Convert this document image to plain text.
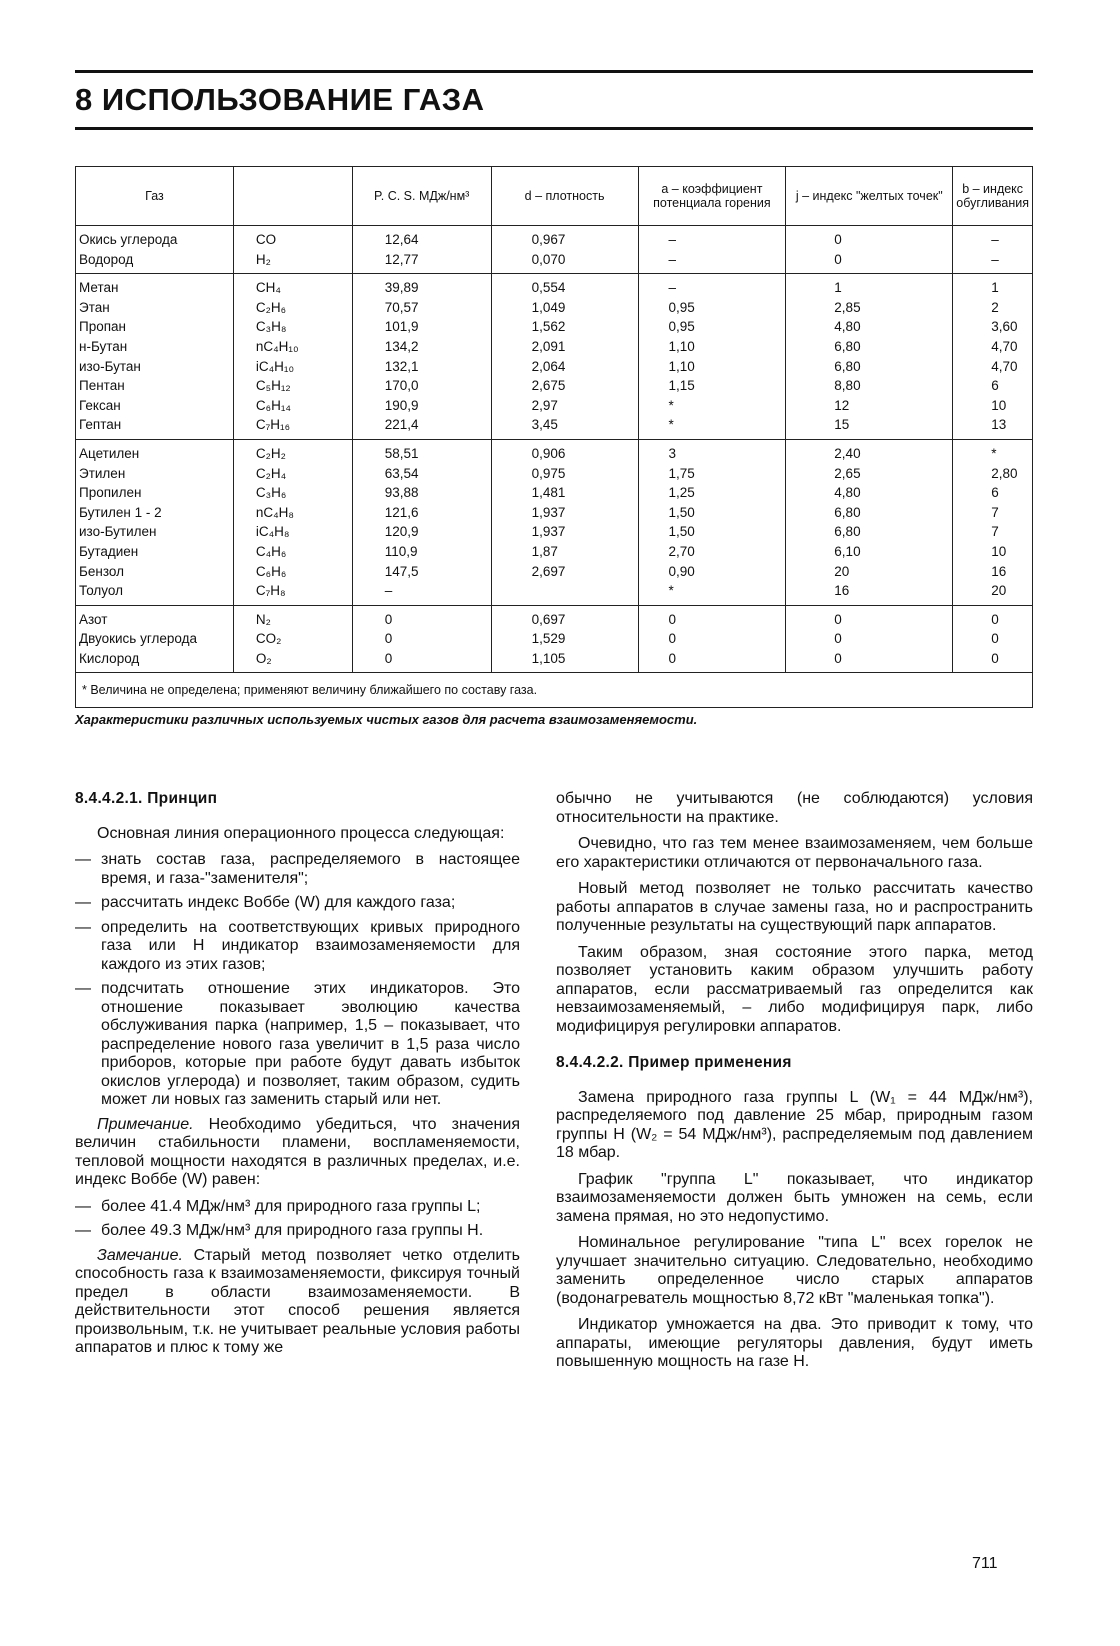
8 ИСПОЛЬЗОВАНИЕ ГАЗА
Газ		P. C. S. МДж/нм³	d – плотность	a – коэффициент потенциала горения	j – индекс "желтых точек"	b – индекс обугливания
Окись углерода	CO	12,64	0,967	–	0	–
Водород	H₂	12,77	0,070	–	0	–
Метан	CH₄	39,89	0,554	–	1	1
Этан	C₂H₆	70,57	1,049	0,95	2,85	2
Пропан	C₃H₈	101,9	1,562	0,95	4,80	3,60
н-Бутан	nC₄H₁₀	134,2	2,091	1,10	6,80	4,70
изо-Бутан	iC₄H₁₀	132,1	2,064	1,10	6,80	4,70
Пентан	C₅H₁₂	170,0	2,675	1,15	8,80	6
Гексан	C₆H₁₄	190,9	2,97	*	12	10
Гептан	C₇H₁₆	221,4	3,45	*	15	13
Ацетилен	C₂H₂	58,51	0,906	3	2,40	*
Этилен	C₂H₄	63,54	0,975	1,75	2,65	2,80
Пропилен	C₃H₆	93,88	1,481	1,25	4,80	6
Бутилен 1 - 2	nC₄H₈	121,6	1,937	1,50	6,80	7
изо-Бутилен	iC₄H₈	120,9	1,937	1,50	6,80	7
Бутадиен	C₄H₆	110,9	1,87	2,70	6,10	10
Бензол	C₆H₆	147,5	2,697	0,90	20	16
Толуол	C₇H₈	–		*	16	20
Азот	N₂	0	0,697	0	0	0
Двуокись углерода	CO₂	0	1,529	0	0	0
Кислород	O₂	0	1,105	0	0	0
* Величина не определена; применяют величину ближайшего по составу газа.						
Характеристики различных используемых чистых газов для расчета взаимозаменяемости.
8.4.4.2.1. Принцип

Основная линия операционного процесса следующая:

— знать состав газа, распределяемого в настоящее время, и газа-"заменителя";
— рассчитать индекс Воббе (W) для каждого газа;
— определить на соответствующих кривых природного газа или Н индикатор взаимозаменяемости для каждого из этих газов;
— подсчитать отношение этих индикаторов. Это отношение показывает эволюцию качества обслуживания парка (например, 1,5 – показывает, что распределение нового газа увеличит в 1,5 раза число приборов, которые при работе будут давать избыток окислов углерода) и позволяет, таким образом, судить может ли новых газ заменить старый или нет.

Примечание. Необходимо убедиться, что значения величин стабильности пламени, воспламеняемости, тепловой мощности находятся в различных пределах, и.е. индекс Воббе (W) равен:

— более 41.4 МДж/нм³ для природного газа группы L;
— более 49.3 МДж/нм³ для природного газа группы Н.

Замечание. Старый метод позволяет четко отделить способность газа к взаимозаменяемости, фиксируя точный предел в области взаимозаменяемости. В действительности этот способ решения является произвольным, т.к. не учитывает реальные условия работы аппаратов и плюс к тому же

обычно не учитываются (не соблюдаются) условия относительности на практике.

Очевидно, что газ тем менее взаимозаменяем, чем больше его характеристики отличаются от первоначального газа.

Новый метод позволяет не только рассчитать качество работы аппаратов в случае замены газа, но и распространить полученные результаты на существующий парк аппаратов.

Таким образом, зная состояние этого парка, метод позволяет установить каким образом улучшить работу аппаратов, если рассматриваемый газ определится как невзаимозаменяемый, – либо модифицируя парк, либо модифицируя регулировки аппаратов.

8.4.4.2.2. Пример применения

Замена природного газа группы L (W₁ = 44 МДж/нм³), распределяемого под давление 25 мбар, природным газом группы H (W₂ = 54 МДж/нм³), распределяемым под давлением 18 мбар.

График "группа L" показывает, что индикатор взаимозаменяемости должен быть умножен на семь, если замена прямая, но это недопустимо.

Номинальное регулирование "типа L" всех горелок не улучшает значительно ситуацию. Следовательно, необходимо заменить определенное число старых аппаратов (водонагреватель мощностью 8,72 кВт "маленькая топка").

Индикатор умножается на два. Это приводит к тому, что аппараты, имеющие регуляторы давления, будут иметь повышенную мощность на газе Н.

711
